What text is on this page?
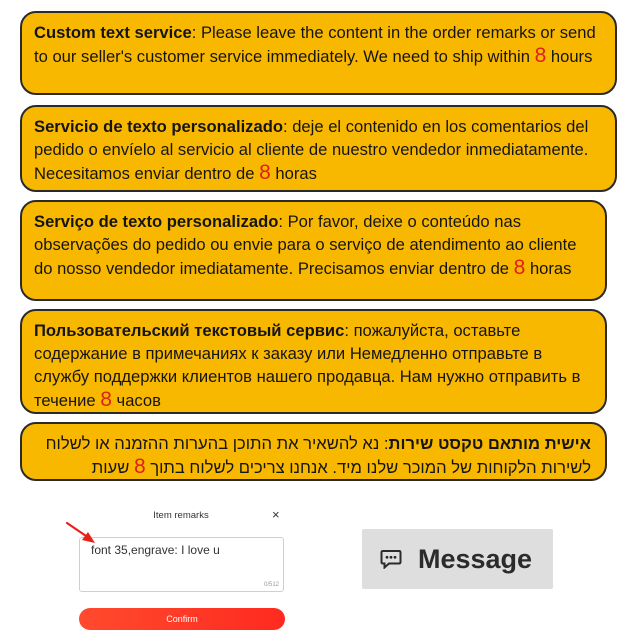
Custom text service: Please leave the content in the order remarks or send to our seller's customer service immediately. We need to ship within 8 hours
Servicio de texto personalizado: deje el contenido en los comentarios del pedido o envíelo al servicio al cliente de nuestro vendedor inmediatamente. Necesitamos enviar dentro de 8 horas
Serviço de texto personalizado: Por favor, deixe o conteúdo nas observações do pedido ou envie para o serviço de atendimento ao cliente do nosso vendedor imediatamente. Precisamos enviar dentro de 8 horas
Пользовательский текстовый сервис: пожалуйста, оставьте содержание в примечаниях к заказу или Немедленно отправьте в службу поддержки клиентов нашего продавца. Нам нужно отправить в течение 8 часов
אישית מותאם טקסט שירות: נא להשאיר את התוכן בהערות ההזמנה או לשלוח לשירות הלקוחות של המוכר שלנו מיד. אנחנו צריכים לשלוח בתוך 8 שעות
Item remarks	×
font 35,engrave: I love u
0/512
Confirm
Message
